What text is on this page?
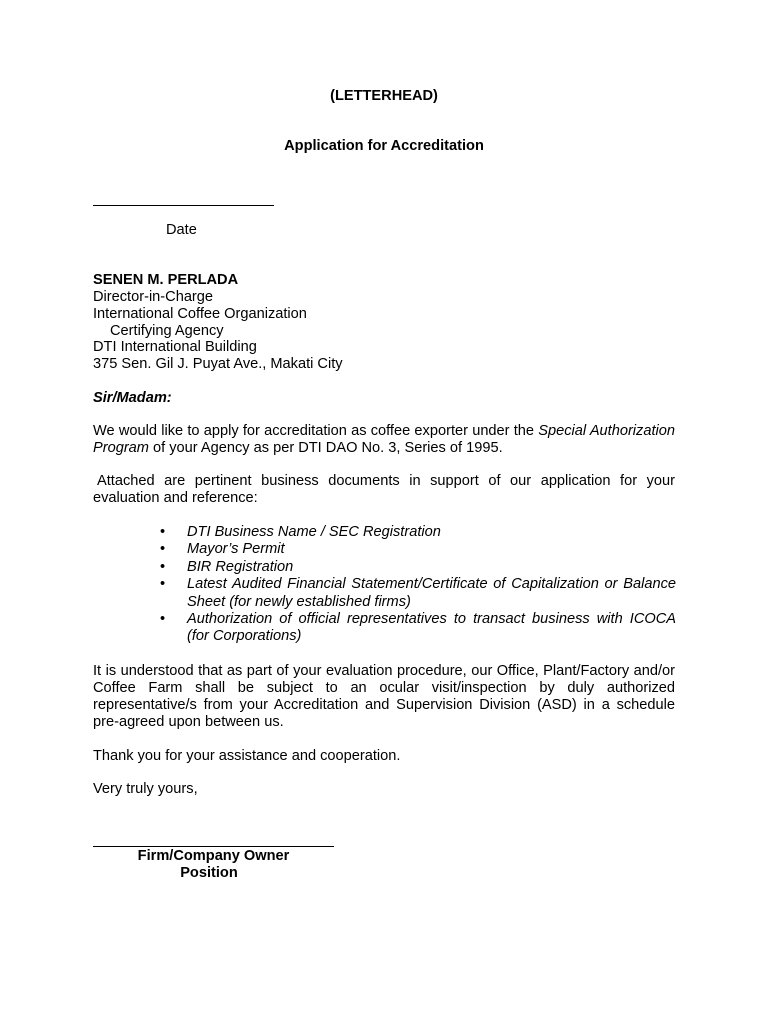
(LETTERHEAD)
Application for Accreditation
Date
SENEN M. PERLADA
Director-in-Charge
International Coffee Organization
Certifying Agency
DTI International Building
375 Sen. Gil J. Puyat Ave., Makati City
Sir/Madam:

We would like to apply for accreditation as coffee exporter under the Special Authorization Program of your Agency as per DTI DAO No. 3, Series of 1995.

Attached are pertinent business documents in support of our application for your evaluation and reference:

• DTI Business Name / SEC Registration
• Mayor’s Permit
• BIR Registration
• Latest Audited Financial Statement/Certificate of Capitalization or Balance Sheet (for newly established firms)
• Authorization of official representatives to transact business with ICOCA (for Corporations)

It is understood that as part of your evaluation procedure, our Office, Plant/Factory and/or Coffee Farm shall be subject to an ocular visit/inspection by duly authorized representative/s from your Accreditation and Supervision Division (ASD) in a schedule pre-agreed upon between us.

Thank you for your assistance and cooperation.
Very truly yours,
Firm/Company Owner
Position
